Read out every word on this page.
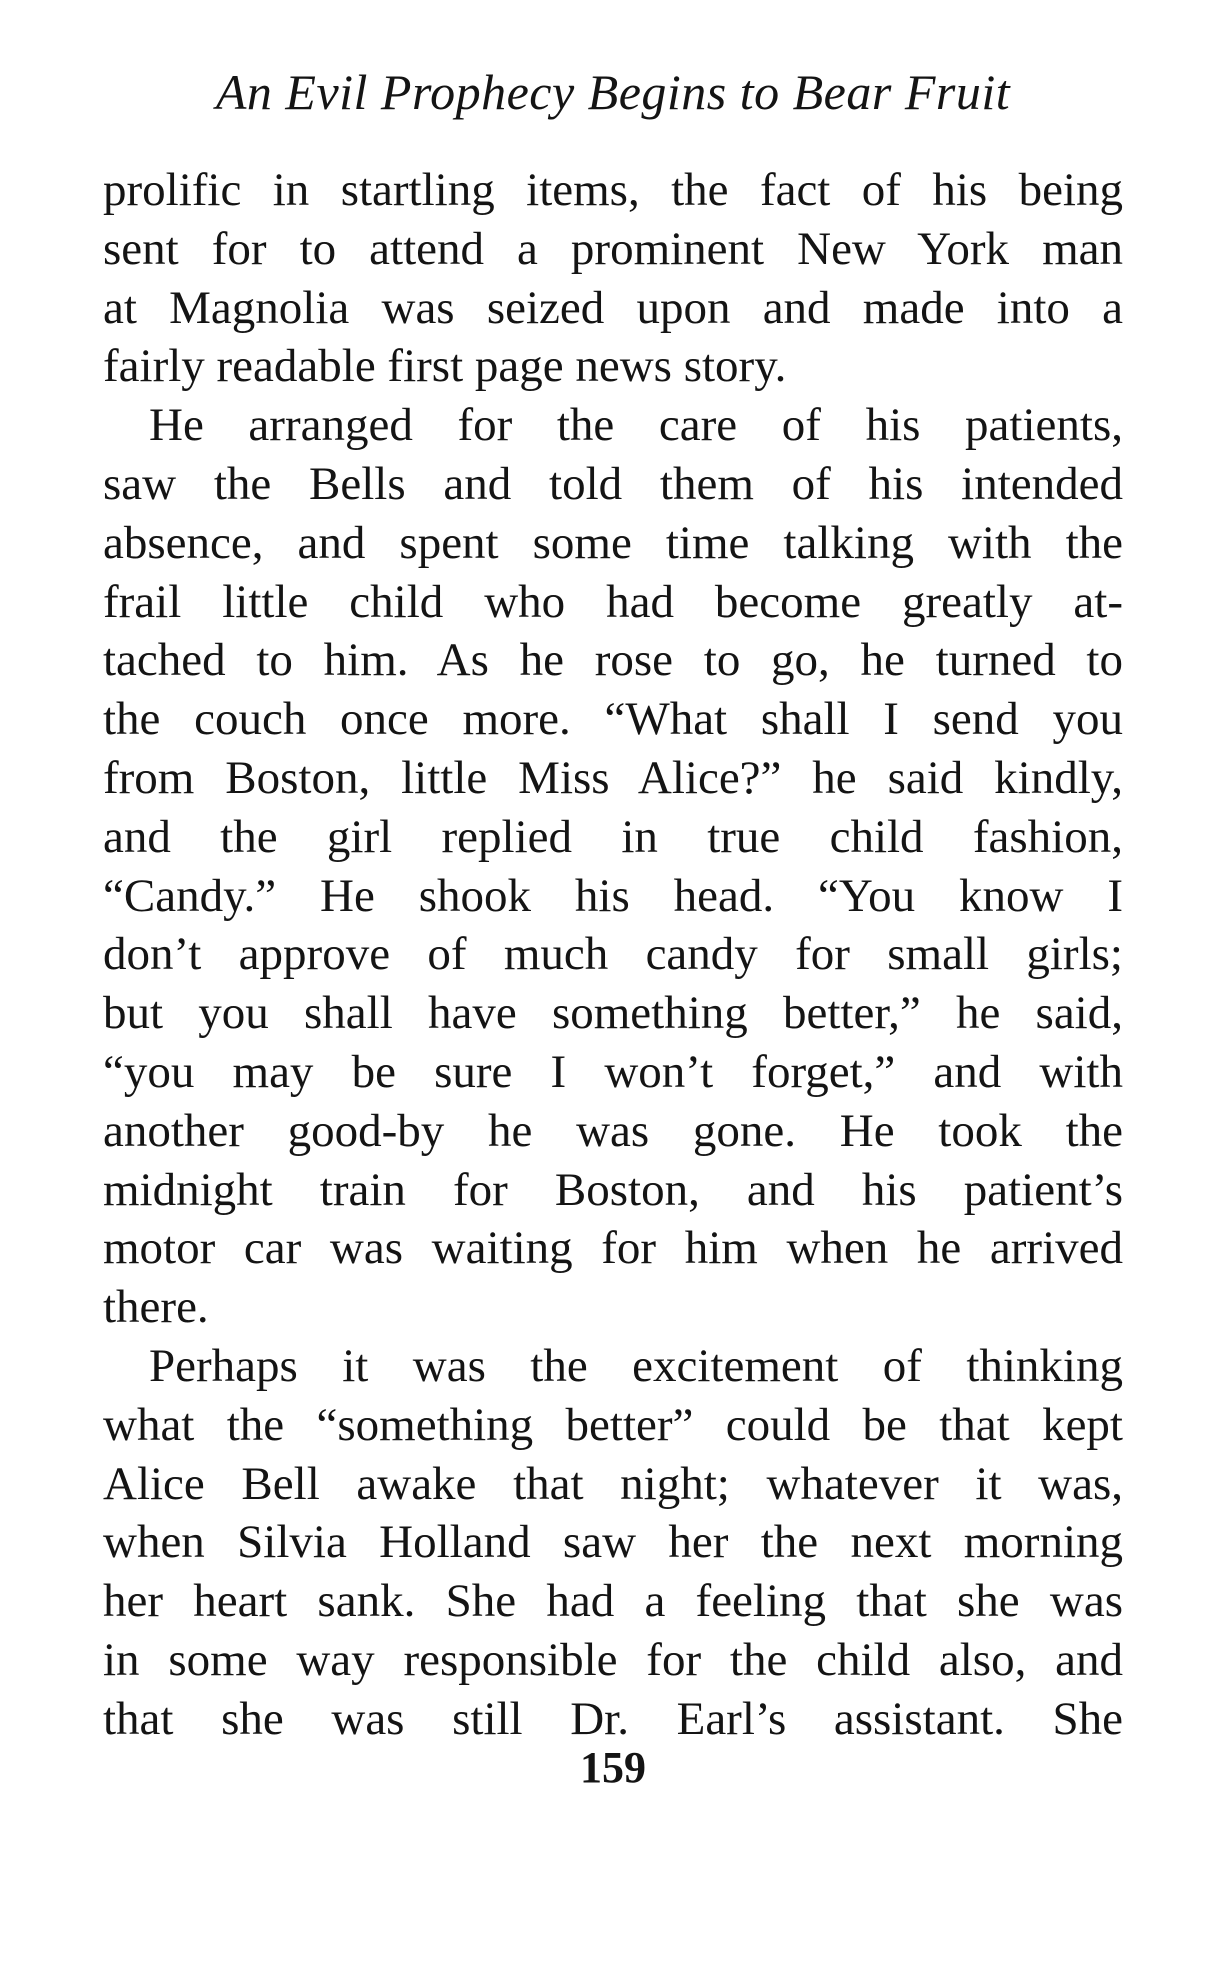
An Evil Prophecy Begins to Bear Fruit
prolific in startling items, the fact of his being
sent for to attend a prominent New York man
at Magnolia was seized upon and made into a
fairly readable first page news story.
He arranged for the care of his patients,
saw the Bells and told them of his intended
absence, and spent some time talking with the
frail little child who had become greatly at-
tached to him. As he rose to go, he turned to
the couch once more. “What shall I send you
from Boston, little Miss Alice?” he said kindly,
and the girl replied in true child fashion,
“Candy.” He shook his head. “You know I
don’t approve of much candy for small girls;
but you shall have something better,” he said,
“you may be sure I won’t forget,” and with
another good-by he was gone. He took the
midnight train for Boston, and his patient’s
motor car was waiting for him when he arrived
there.
Perhaps it was the excitement of thinking
what the “something better” could be that kept
Alice Bell awake that night; whatever it was,
when Silvia Holland saw her the next morning
her heart sank. She had a feeling that she was
in some way responsible for the child also, and
that she was still Dr. Earl’s assistant. She
159
